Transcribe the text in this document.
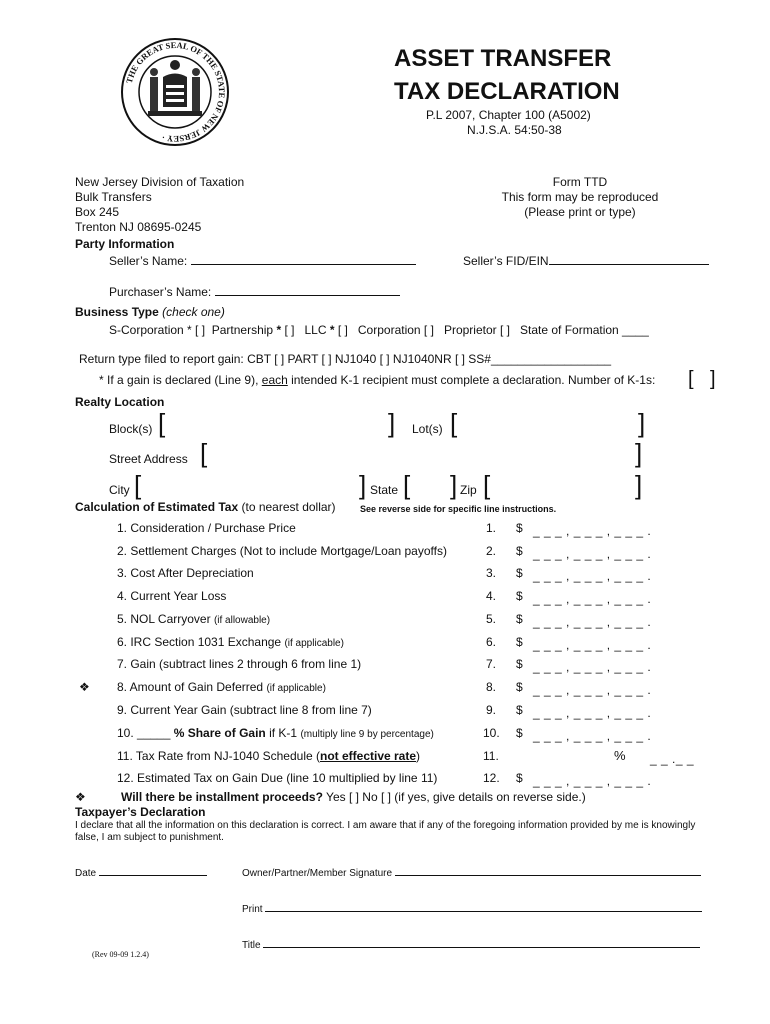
THE GREAT SEAL OF THE STATE OF NEW JERSEY ·
ASSET TRANSFER
TAX DECLARATION
P.L 2007, Chapter 100 (A5002)
N.J.S.A. 54:50-38
New Jersey Division of Taxation
Bulk Transfers
Box 245
Trenton NJ 08695-0245
Form TTD
This form may be reproduced
(Please print or type)
Party Information
Seller’s Name:	Seller’s FID/EIN
Purchaser’s Name:
Business Type (check one)
S-Corporation * [ ] Partnership * [ ] LLC * [ ] Corporation [ ] Proprietor [ ] State of Formation ____
Return type filed to report gain: CBT [ ] PART [ ] NJ1040 [ ] NJ1040NR [ ] SS#__________________
* If a gain is declared (Line 9), each intended K-1 recipient must complete a declaration. Number of K-1s: [ ]
Realty Location
Block(s) [	] Lot(s) [	]
Street Address [	]
City [	] State [ ] Zip [	]
Calculation of Estimated Tax (to nearest dollar)	See reverse side for specific line instructions.
1. Consideration / Purchase Price	1. $ _ _ _ , _ _ _ , _ _ _ .
2. Settlement Charges (Not to include Mortgage/Loan payoffs)	2. $ _ _ _ , _ _ _ , _ _ _ .
3. Cost After Depreciation	3. $ _ _ _ , _ _ _ , _ _ _ .
4. Current Year Loss	4. $ _ _ _ , _ _ _ , _ _ _ .
5. NOL Carryover (if allowable)	5. $ _ _ _ , _ _ _ , _ _ _ .
6. IRC Section 1031 Exchange (if applicable)	6. $ _ _ _ , _ _ _ , _ _ _ .
7. Gain (subtract lines 2 through 6 from line 1)	7. $ _ _ _ , _ _ _ , _ _ _ .
8. Amount of Gain Deferred (if applicable)	8. $ _ _ _ , _ _ _ , _ _ _ .
❖
9. Current Year Gain (subtract line 8 from line 7)	9. $ _ _ _ , _ _ _ , _ _ _ .
10. _____ % Share of Gain if K-1 (multiply line 9 by percentage)	10. $ _ _ _ , _ _ _ , _ _ _ .
11. Tax Rate from NJ-1040 Schedule (not effective rate)	11.	% _ _ ._ _
12. Estimated Tax on Gain Due (line 10 multiplied by line 11)	12. $ _ _ _ , _ _ _ , _ _ _ .
❖	Will there be installment proceeds? Yes [ ] No [ ] (if yes, give details on reverse side.)
Taxpayer’s Declaration
I declare that all the information on this declaration is correct. I am aware that if any of the foregoing information provided by me is knowingly
false, I am subject to punishment.
Date	Owner/Partner/Member Signature
Print
Title
(Rev 09-09 1.2.4)
